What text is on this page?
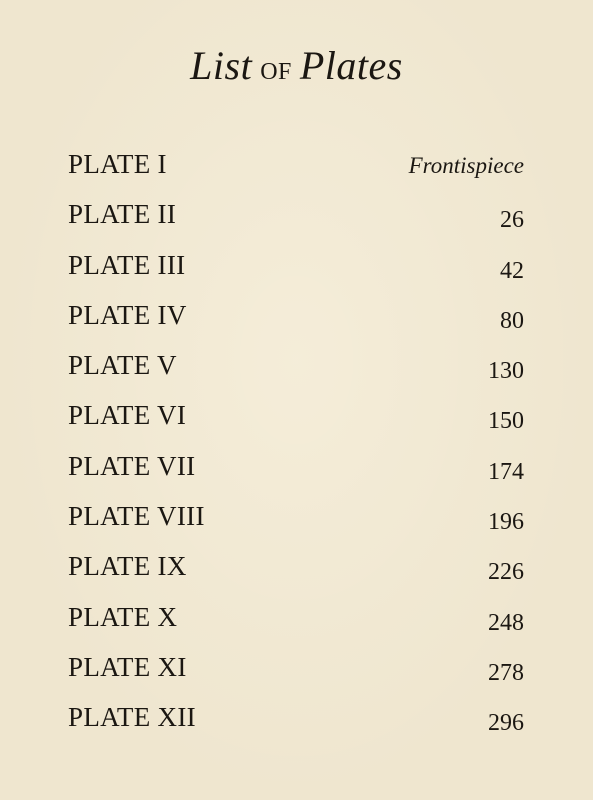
List of Plates
PLATE I	Frontispiece
PLATE II	26
PLATE III	42
PLATE IV	80
PLATE V	130
PLATE VI	150
PLATE VII	174
PLATE VIII	196
PLATE IX	226
PLATE X	248
PLATE XI	278
PLATE XII	296
